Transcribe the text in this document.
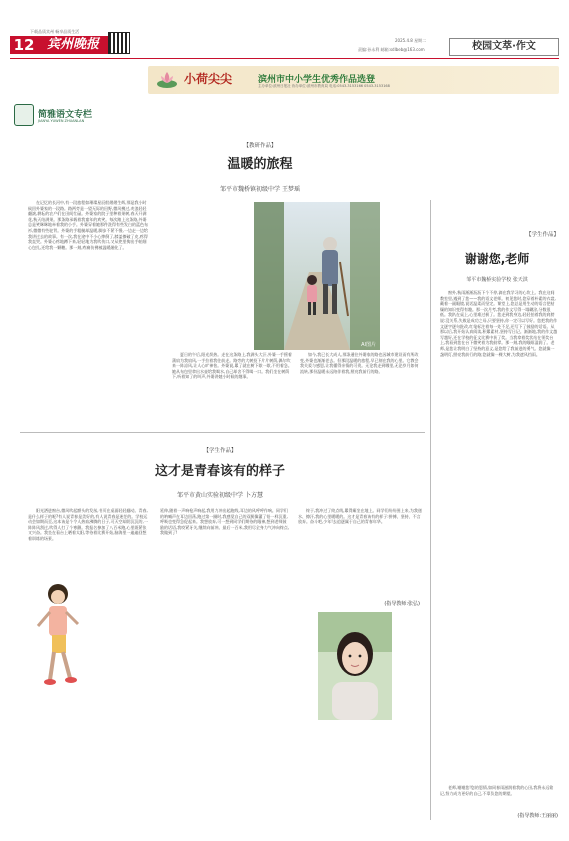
下载品质宾州 畅享品质生活
12 宾州晚报	2025.4.8 星期二
责编:孙永利 邮箱:sdlbeb@163.com	校园文萃·作文
小荷尖尖	滨州市中小学生优秀作品选登
主办单位:滨州日报社 协办单位:滨州市教育局 电话:0543-3153166 0543-3153168
简雅语文专栏
JIANYA YUWEN ZHUANLAN
【教研作品】
温暖的旅程
邹平市魏桥镇初级中学 王梦瑶
在记忆的长河中,有一段旅程如璀璨星辰般熠熠生辉,那是我小时候回外婆家的一段路。路两旁是一望无际的田野,微风拂过,麦浪轻轻翻滚,耕耘的农户们在田间忙碌。外婆家的院子里种着果树,春天开满花,秋天结满果。那条路承载着我童年的欢笑。每次踏上这条路,外婆总是笑眯眯地牵着我的小手。外婆穿着她那件洗得有些发白的蓝色布衫,微微有些驼背。外婆的手粗糙却温暖,脚步不紧不慢,一边走一边给我讲过去的故事。有一次,我在途中不小心摔倒了,膝盖擦破了皮,疼得我直哭。外婆心疼地蹲下来,轻轻地为我吹伤口,又从兜里掏出手帕细心包扎,还给我一颗糖。那一刻,疼痛仿佛被温暖融化了。
AI图片
夏日的午后,阳光炽热。走在这条路上,我满头大汗,外婆一手摇着蒲扇为我扇风,一手拉着我往前走。路旁的大树投下片片树荫,偶尔吹来一阵凉风,让人心旷神怡。外婆说,累了就在树下歇一歇,不用着急。她从布包里拿出水壶给我喝水,自己却舍不得喝一口。我们坐在树荫下,听着知了的叫声,外婆讲她小时候的趣事。
如今,我已长大成人,那条通往外婆家的路也因城市建设而有所改变,外婆也渐渐老去。但那段温暖的旅程,早已刻在我的心里。它教会我关爱与感恩,让我懂得亲情的可贵。无论我走到哪里,无论岁月如何流转,那份温暖永远陪伴着我,照亮我前行的路。
【学生作品】
谢谢您,老师
邹平市魏桥实验学校 张天淇
窗外,秋雨淅淅沥沥下个不停,滴在我学习的心坎上。我在这间教室里,遇到了您——我的语文老师。初见您时,您穿着朴素的衣裳,戴着一副眼镜,说话温柔而坚定。课堂上,您总是用生动的语言把枯燥的知识变得有趣。那一次月考,我的作文写得一塌糊涂,分数很低。我趴在桌上,心里难过极了。您走到我身边,轻轻拍着我的肩膀说:没关系,失败是成功之母,只要坚持,你一定可以写好。您把我的作文逐字逐句批改,红笔标注着每一处不足,还写下了鼓励的话语。从那以后,我开始认真阅读,积累素材,坚持写日记。渐渐地,我的作文越写越好,还在学校的征文比赛中获了奖。当我拿着奖状站在领奖台上,我看到您在台下微笑着为我鼓掌。那一刻,我的眼眶湿润了。老师,是您让我明白了坚持的意义,是您给了我前进的勇气。您就像一盏明灯,照亮我前行的路;您就像一棵大树,为我遮风挡雨。
老师,谢谢您!您的恩情,如同春雨滋润着我的心田,我将永远铭记,努力成为更好的自己,不辜负您的期望。
(指导教师:王丽丽)
【学生作品】
这才是青春该有的样子
邹平市黄山实验初级中学 卜方慧
阳光洒进窗台,微风吹起额头的发丝,书页在桌面轻轻翻动。青春,是什么样子的呢?有人说青春是美好的,有人说青春是迷茫的。学校运动会如期而至,这本该是个令人热血沸腾的日子,可天空却阴沉沉的,一阵阵风刮过,吹得人打了个寒颤。我报名参加了八百米跑,心里既紧张又兴奋。我坐在看台上晒着太阳,等待着比赛开始,脑海里一遍遍回想着训练的场景。
延伸,随着一声响枪声响起,我用力冲出起跑线,耳边的风呼呼作响。同学们的呐喊声在耳边回荡,跑过第一圈时,我感觉自己的双腿像灌了铅一样沉重,呼吸也变得急促起来。我想放弃,可一想到同学们期待的眼神,想到老师鼓励的话语,我咬紧牙关,继续向前冲。最后一百米,我用尽全身力气冲向终点,我做到了!
终于,我冲过了终点线,累得瘫坐在地上。同学们纷纷围上来,为我递水、擦汗,我的心里暖暖的。这才是青春该有的样子:拼搏、坚持、不言放弃。奋斗吧,少年!去追逐属于自己的青春年华。
(指导教师:张弘)
